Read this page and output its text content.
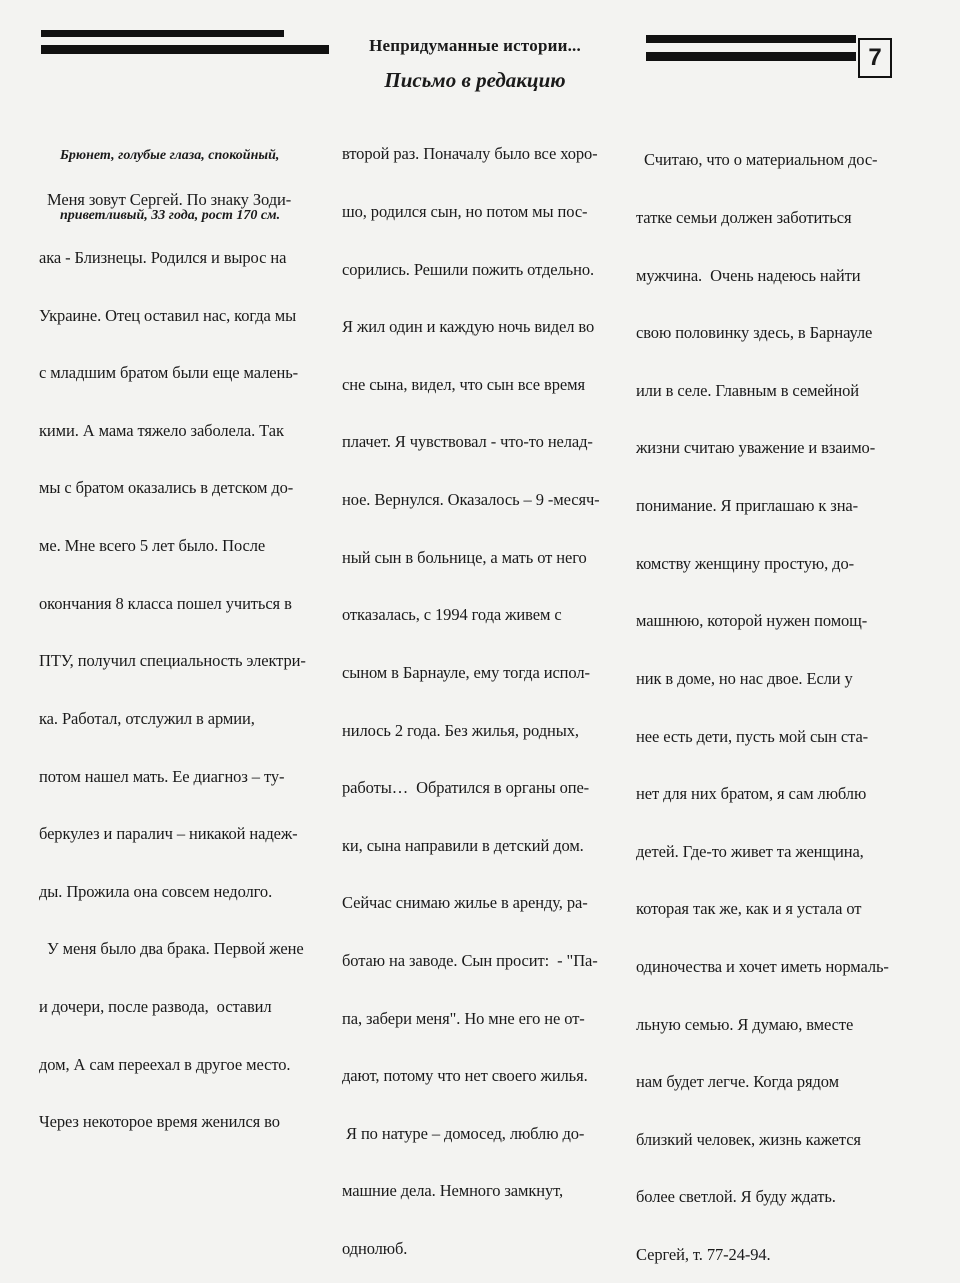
Непридуманные истории...
Письмо в редакцию
7

Брюнет, голубые глаза, спокойный,

приветливый, 33 года, рост 170 см.

Меня зовут Сергей. По знаку Зоди-

ака - Близнецы. Родился и вырос на

Украине. Отец оставил нас, когда мы

с младшим братом были еще малень-

кими. А мама тяжело заболела. Так

мы с братом оказались в детском до-

ме. Мне всего 5 лет было. После

окончания 8 класса пошел учиться в

ПТУ, получил специальность электри-

ка. Работал, отслужил в армии,

потом нашел мать. Ее диагноз – ту-

беркулез и паралич – никакой надеж-

ды. Прожила она совсем недолго.

У меня было два брака. Первой жене

и дочери, после развода,  оставил

дом, А сам переехал в другое место.

Через некоторое время женился во

второй раз. Поначалу было все хоро-

шо, родился сын, но потом мы пос-

сорились. Решили пожить отдельно.

Я жил один и каждую ночь видел во

сне сына, видел, что сын все время

плачет. Я чувствовал - что-то нелад-

ное. Вернулся. Оказалось – 9 -месяч-

ный сын в больнице, а мать от него

отказалась, с 1994 года живем с

сыном в Барнауле, ему тогда испол-

нилось 2 года. Без жилья, родных,

работы…  Обратился в органы опе-

ки, сына направили в детский дом.

Сейчас снимаю жилье в аренду, ра-

ботаю на заводе. Сын просит:  - "Па-

па, забери меня". Но мне его не от-

дают, потому что нет своего жилья.

Я по натуре – домосед, люблю до-

машние дела. Немного замкнут,

однолюб.

Считаю, что о материальном дос-

татке семьи должен заботиться

мужчина.  Очень надеюсь найти

свою половинку здесь, в Барнауле

или в селе. Главным в семейной

жизни считаю уважение и взаимо-

понимание. Я приглашаю к зна-

комству женщину простую, до-

машнюю, которой нужен помощ-

ник в доме, но нас двое. Если у

нее есть дети, пусть мой сын ста-

нет для них братом, я сам люблю

детей. Где-то живет та женщина,

которая так же, как и я устала от

одиночества и хочет иметь нормаль-

льную семью. Я думаю, вместе

нам будет легче. Когда рядом

близкий человек, жизнь кажется

более светлой. Я буду ждать.

Сергей, т. 77-24-94.
